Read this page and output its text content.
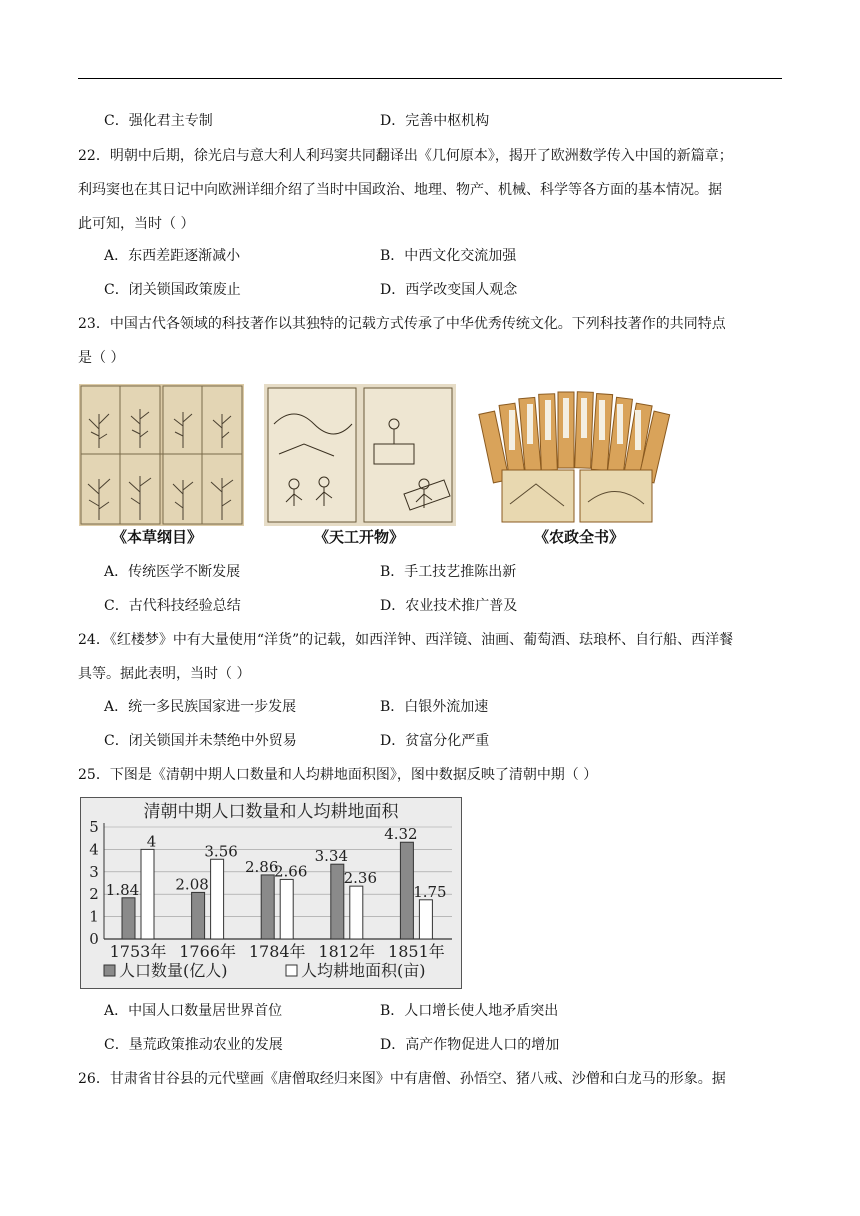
C．强化君主专制	D．完善中枢机构
22．明朝中后期，徐光启与意大利人利玛窦共同翻译出《几何原本》，揭开了欧洲数学传入中国的新篇章；
利玛窦也在其日记中向欧洲详细介绍了当时中国政治、地理、物产、机械、科学等各方面的基本情况。据
此可知，当时（ ）
A．东西差距逐渐减小	B．中西文化交流加强
C．闭关锁国政策废止	D．西学改变国人观念
23．中国古代各领域的科技著作以其独特的记载方式传承了中华优秀传统文化。下列科技著作的共同特点
是（ ）
《本草纲目》	《天工开物》	《农政全书》
A．传统医学不断发展	B．手工技艺推陈出新
C．古代科技经验总结	D．农业技术推广普及
24．《红楼梦》中有大量使用“洋货”的记载，如西洋钟、西洋镜、油画、葡萄酒、珐琅杯、自行船、西洋餐
具等。据此表明，当时（ ）
A．统一多民族国家进一步发展	B．白银外流加速
C．闭关锁国并未禁绝中外贸易	D．贫富分化严重
25．下图是《清朝中期人口数量和人均耕地面积图》，图中数据反映了清朝中期（ ）
清朝中期人口数量和人均耕地面积
1.84
4
2.08
3.56
2.86
2.66
3.34
2.36
4.32
1.75
0
1
2
3
4
5
1753年 1766年 1784年 1812年 1851年
人口数量(亿人)	人均耕地面积(亩)
A．中国人口数量居世界首位	B．人口增长使人地矛盾突出
C．垦荒政策推动农业的发展	D．高产作物促进人口的增加
26．甘肃省甘谷县的元代壁画《唐僧取经归来图》中有唐僧、孙悟空、猪八戒、沙僧和白龙马的形象。据
